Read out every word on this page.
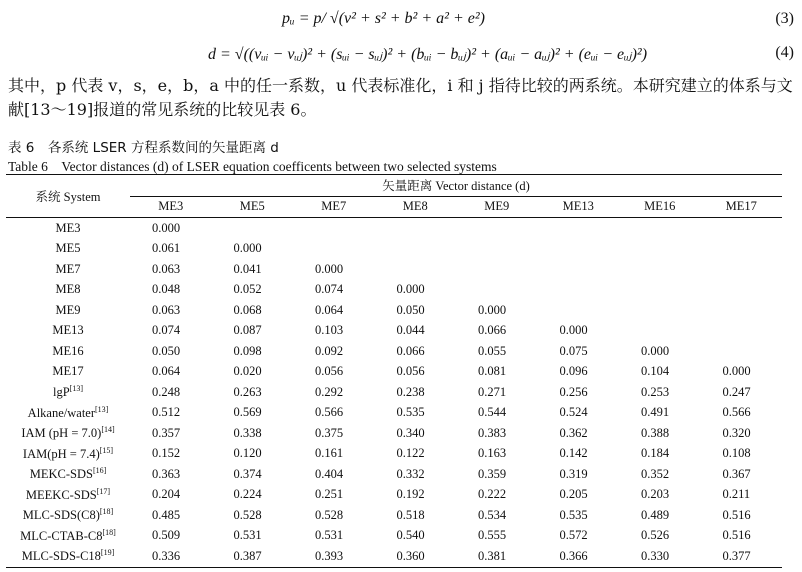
pᵤ = p/ √(v² + s² + b² + a² + e²)	(3)
d = √((vᵤᵢ − vᵤⱼ)² + (sᵤᵢ − sᵤⱼ)² + (bᵤᵢ − bᵤⱼ)² + (aᵤᵢ − aᵤⱼ)² + (eᵤᵢ − eᵤⱼ)²)	(4)
其中，p 代表 v，s，e，b，a 中的任一系数，u 代表标准化，i 和 j 指待比较的两系统。本研究建立的体系与文献[13～19]报道的常见系统的比较见表 6。
表 6　各系统 LSER 方程系数间的矢量距离 d
Table 6　Vector distances (d) of LSER equation coefficents between two selected systems
系统 System	矢量距离 Vector distance (d)							
	ME3	ME5	ME7	ME8	ME9	ME13	ME16	ME17
ME3	0.000							
ME5	0.061	0.000						
ME7	0.063	0.041	0.000					
ME8	0.048	0.052	0.074	0.000				
ME9	0.063	0.068	0.064	0.050	0.000			
ME13	0.074	0.087	0.103	0.044	0.066	0.000		
ME16	0.050	0.098	0.092	0.066	0.055	0.075	0.000	
ME17	0.064	0.020	0.056	0.056	0.081	0.096	0.104	0.000
lgP[13]	0.248	0.263	0.292	0.238	0.271	0.256	0.253	0.247
Alkane/water[13]	0.512	0.569	0.566	0.535	0.544	0.524	0.491	0.566
IAM (pH = 7.0)[14]	0.357	0.338	0.375	0.340	0.383	0.362	0.388	0.320
IAM(pH = 7.4)[15]	0.152	0.120	0.161	0.122	0.163	0.142	0.184	0.108
MEKC-SDS[16]	0.363	0.374	0.404	0.332	0.359	0.319	0.352	0.367
MEEKC-SDS[17]	0.204	0.224	0.251	0.192	0.222	0.205	0.203	0.211
MLC-SDS(C8)[18]	0.485	0.528	0.528	0.518	0.534	0.535	0.489	0.516
MLC-CTAB-C8[18]	0.509	0.531	0.531	0.540	0.555	0.572	0.526	0.516
MLC-SDS-C18[19]	0.336	0.387	0.393	0.360	0.381	0.366	0.330	0.377
